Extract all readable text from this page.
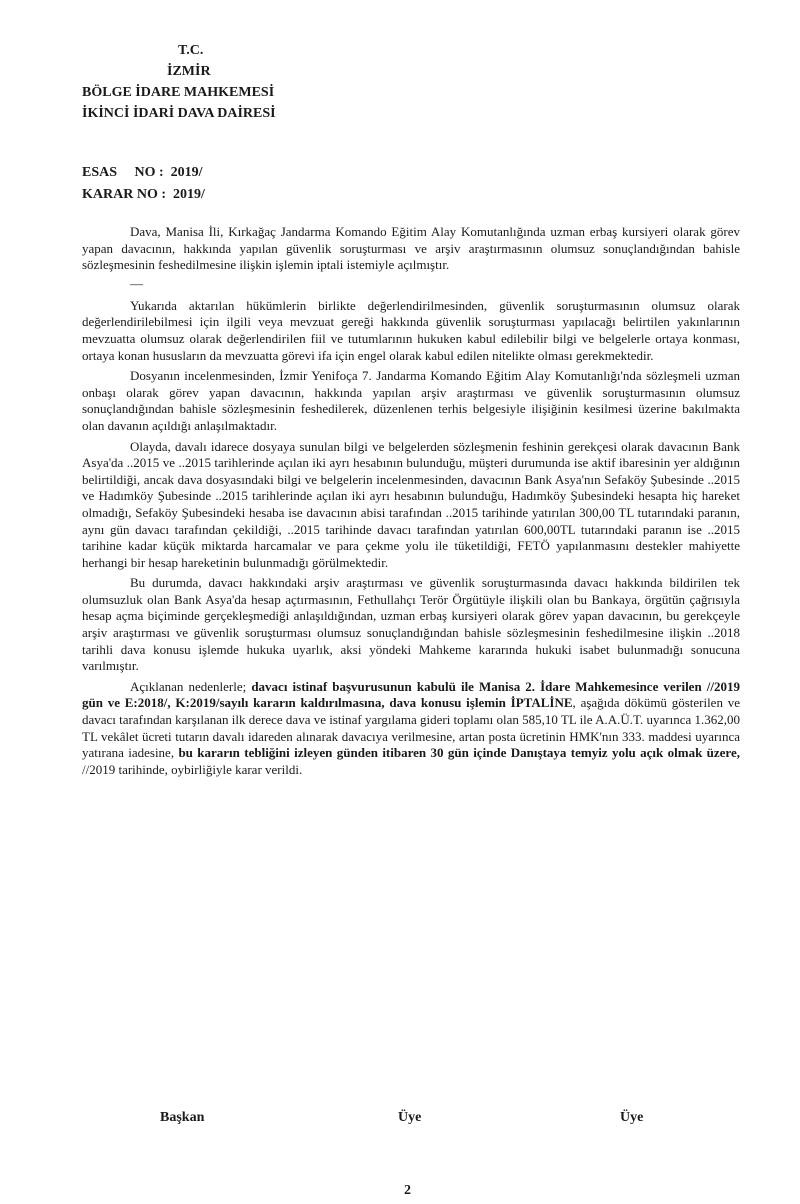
T.C.
İZMİR
BÖLGE İDARE MAHKEMESİ
İKİNCİ İDARİ DAVA DAİRESİ
ESAS     NO :  2019/
KARAR NO :  2019/

Dava, Manisa İli, Kırkağaç Jandarma Komando Eğitim Alay Komutanlığında uzman erbaş kursiyeri olarak görev yapan davacının, hakkında yapılan güvenlik soruşturması ve arşiv araştırmasının olumsuz sonuçlandığından bahisle sözleşmesinin feshedilmesine ilişkin işlemin iptali istemiyle açılmıştır.

—

Yukarıda aktarılan hükümlerin birlikte değerlendirilmesinden, güvenlik soruşturmasının olumsuz olarak değerlendirilebilmesi için ilgili veya mevzuat gereği hakkında güvenlik soruşturması yapılacağı belirtilen yakınlarının mevzuatta olumsuz olarak değerlendirilen fiil ve tutumlarının hukuken kabul edilebilir bilgi ve belgelerle ortaya konması, ortaya konan hususların da mevzuatta görevi ifa için engel olarak kabul edilen nitelikte olması gerekmektedir.

Dosyanın incelenmesinden, İzmir Yenifoça 7. Jandarma Komando Eğitim Alay Komutanlığı'nda sözleşmeli uzman onbaşı olarak görev yapan davacının, hakkında yapılan arşiv araştırması ve güvenlik soruşturmasının olumsuz sonuçlandığından bahisle sözleşmesinin feshedilerek, düzenlenen terhis belgesiyle ilişiğinin kesilmesi üzerine bakılmakta olan davanın açıldığı anlaşılmaktadır.

Olayda, davalı idarece dosyaya sunulan bilgi ve belgelerden sözleşmenin feshinin gerekçesi olarak davacının Bank Asya'da ..2015 ve ..2015 tarihlerinde açılan iki ayrı hesabının bulunduğu, müşteri durumunda ise aktif ibaresinin yer aldığının belirtildiği, ancak dava dosyasındaki bilgi ve belgelerin incelenmesinden, davacının Bank Asya'nın Sefaköy Şubesinde ..2015 ve Hadımköy Şubesinde ..2015 tarihlerinde açılan iki ayrı hesabının bulunduğu, Hadımköy Şubesindeki hesapta hiç hareket olmadığı, Sefaköy Şubesindeki hesaba ise davacının abisi tarafından ..2015 tarihinde yatırılan 300,00 TL tutarındaki paranın, aynı gün davacı tarafından çekildiği, ..2015 tarihinde davacı tarafından yatırılan 600,00TL tutarındaki paranın ise ..2015 tarihine kadar küçük miktarda harcamalar ve para çekme yolu ile tüketildiği, FETÖ yapılanmasını destekler mahiyette herhangi bir hesap hareketinin bulunmadığı görülmektedir.

Bu durumda, davacı hakkındaki arşiv araştırması ve güvenlik soruşturmasında davacı hakkında bildirilen tek olumsuzluk olan Bank Asya'da hesap açtırmasının, Fethullahçı Terör Örgütüyle ilişkili olan bu Bankaya, örgütün çağrısıyla hesap açma biçiminde gerçekleşmediği anlaşıldığından, uzman erbaş kursiyeri olarak görev yapan davacının, bu gerekçeyle arşiv araştırması ve güvenlik soruşturması olumsuz sonuçlandığından bahisle sözleşmesinin feshedilmesine ilişkin ..2018 tarihli dava konusu işlemde hukuka uyarlık, aksi yöndeki Mahkeme kararında hukuki isabet bulunmadığı sonucuna varılmıştır.

Açıklanan nedenlerle; davacı istinaf başvurusunun kabulü ile Manisa 2. İdare Mahkemesince verilen //2019 gün ve E:2018/, K:2019/sayılı kararın kaldırılmasına, dava konusu işlemin İPTALİNE, aşağıda dökümü gösterilen ve davacı tarafından karşılanan ilk derece dava ve istinaf yargılama gideri toplamı olan 585,10 TL ile A.A.Ü.T. uyarınca 1.362,00 TL vekâlet ücreti tutarın davalı idareden alınarak davacıya verilmesine, artan posta ücretinin HMK'nın 333. maddesi uyarınca yatırana iadesine, bu kararın tebliğini izleyen günden itibaren 30 gün içinde Danıştaya temyiz yolu açık olmak üzere, //2019 tarihinde, oybirliğiyle karar verildi.

Başkan	Üye	Üye
2
